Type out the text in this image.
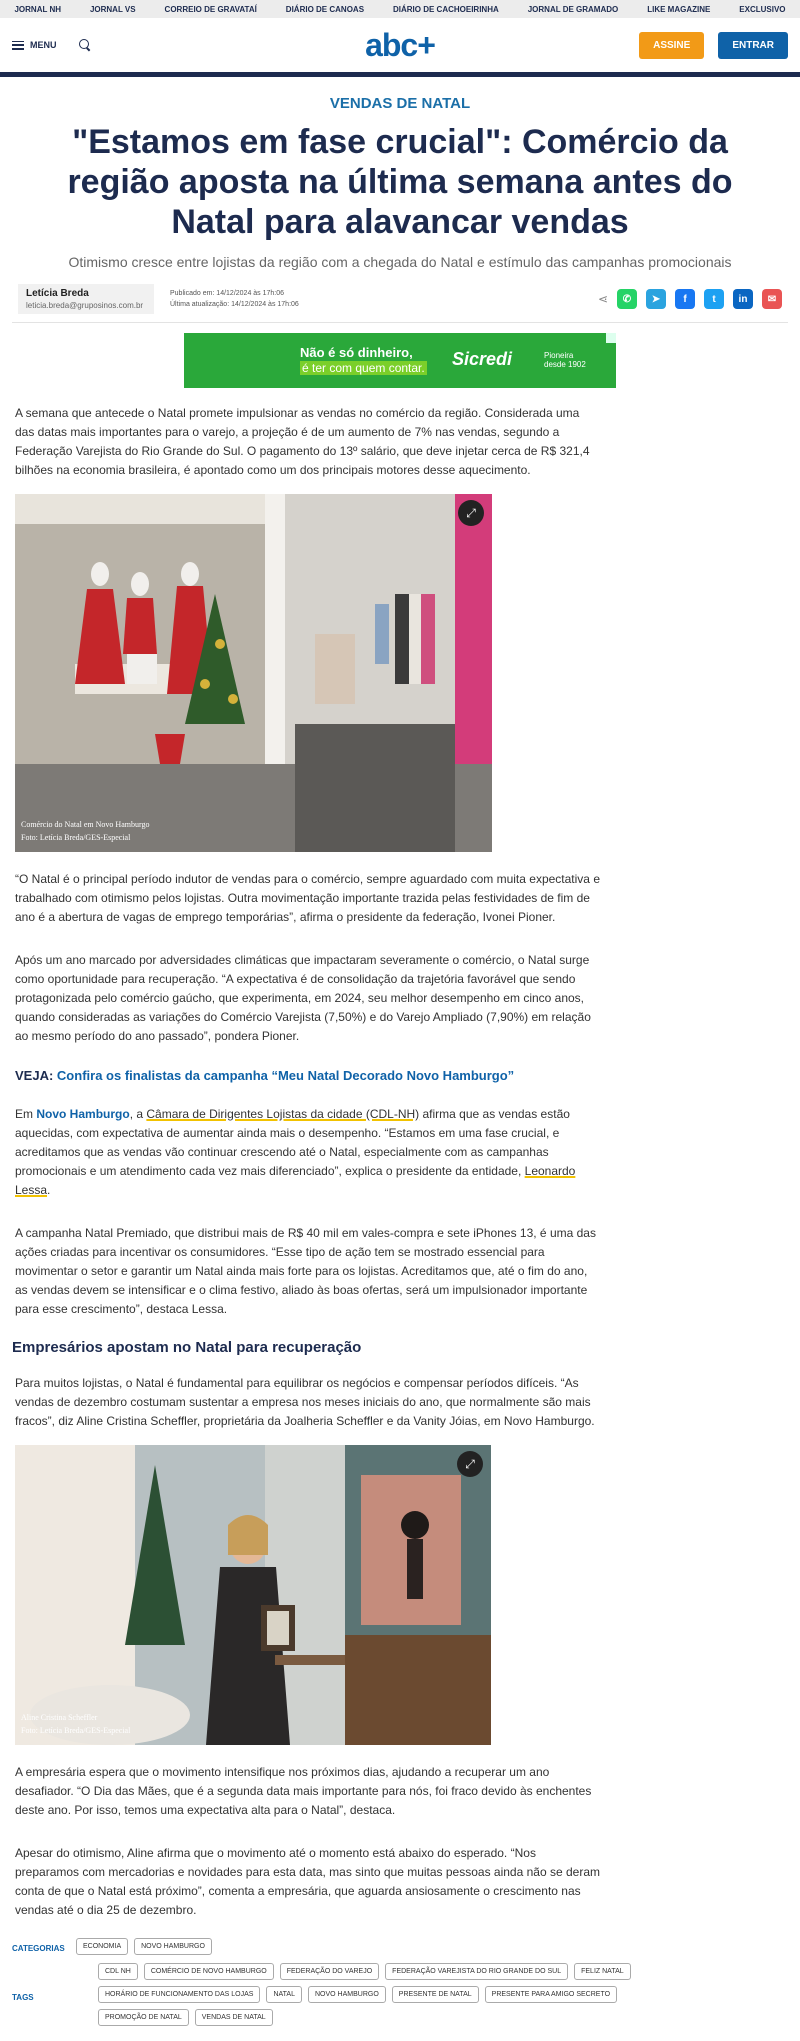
JORNAL NH	JORNAL VS	CORREIO DE GRAVATAÍ	DIÁRIO DE CANOAS	DIÁRIO DE CACHOEIRINHA	JORNAL DE GRAMADO	LIKE MAGAZINE	EXCLUSIVO
MENU	abc+	ASSINE	ENTRAR
VENDAS DE NATAL
"Estamos em fase crucial": Comércio da região aposta na última semana antes do Natal para alavancar vendas
Otimismo cresce entre lojistas da região com a chegada do Natal e estímulo das campanhas promocionais
Letícia Breda
leticia.breda@gruposinos.com.br
Publicado em: 14/12/2024 às 17h:06
Última atualização: 14/12/2024 às 17h:06	⋖	✆	➤	f	t	in	✉
Não é só dinheiro,
é ter com quem contar. Sicredi	Pioneira
desde 1902

A semana que antecede o Natal promete impulsionar as vendas no comércio da região. Considerada uma das datas mais importantes para o varejo, a projeção é de um aumento de 7% nas vendas, segundo a Federação Varejista do Rio Grande do Sul. O pagamento do 13º salário, que deve injetar cerca de R$ 321,4 bilhões na economia brasileira, é apontado como um dos principais motores desse aquecimento.

⤢
Comércio do Natal em Novo Hamburgo
Foto: Letícia Breda/GES-Especial

“O Natal é o principal período indutor de vendas para o comércio, sempre aguardado com muita expectativa e trabalhado com otimismo pelos lojistas. Outra movimentação importante trazida pelas festividades de fim de ano é a abertura de vagas de emprego temporárias”, afirma o presidente da federação, Ivonei Pioner.

Após um ano marcado por adversidades climáticas que impactaram severamente o comércio, o Natal surge como oportunidade para recuperação. “A expectativa é de consolidação da trajetória favorável que sendo protagonizada pelo comércio gaúcho, que experimenta, em 2024, seu melhor desempenho em cinco anos, quando consideradas as variações do Comércio Varejista (7,50%) e do Varejo Ampliado (7,90%) em relação ao mesmo período do ano passado”, pondera Pioner.

VEJA: Confira os finalistas da campanha “Meu Natal Decorado Novo Hamburgo”

Em Novo Hamburgo, a Câmara de Dirigentes Lojistas da cidade (CDL-NH) afirma que as vendas estão aquecidas, com expectativa de aumentar ainda mais o desempenho. “Estamos em uma fase crucial, e acreditamos que as vendas vão continuar crescendo até o Natal, especialmente com as campanhas promocionais e um atendimento cada vez mais diferenciado”, explica o presidente da entidade, Leonardo Lessa.

A campanha Natal Premiado, que distribui mais de R$ 40 mil em vales-compra e sete iPhones 13, é uma das ações criadas para incentivar os consumidores. “Esse tipo de ação tem se mostrado essencial para movimentar o setor e garantir um Natal ainda mais forte para os lojistas. Acreditamos que, até o fim do ano, as vendas devem se intensificar e o clima festivo, aliado às boas ofertas, será um impulsionador importante para esse crescimento”, destaca Lessa.

Empresários apostam no Natal para recuperação

Para muitos lojistas, o Natal é fundamental para equilibrar os negócios e compensar períodos difíceis. “As vendas de dezembro costumam sustentar a empresa nos meses iniciais do ano, que normalmente são mais fracos”, diz Aline Cristina Scheffler, proprietária da Joalheria Scheffler e da Vanity Jóias, em Novo Hamburgo.

⤢
Aline Cristina Scheffler
Foto: Letícia Breda/GES-Especial

A empresária espera que o movimento intensifique nos próximos dias, ajudando a recuperar um ano desafiador. “O Dia das Mães, que é a segunda data mais importante para nós, foi fraco devido às enchentes deste ano. Por isso, temos uma expectativa alta para o Natal”, destaca.

Apesar do otimismo, Aline afirma que o movimento até o momento está abaixo do esperado. “Nos preparamos com mercadorias e novidades para esta data, mas sinto que muitas pessoas ainda não se deram conta de que o Natal está próximo”, comenta a empresária, que aguarda ansiosamente o crescimento nas vendas até o dia 25 de dezembro.

CATEGORIAS	ECONOMIA	NOVO HAMBURGO
TAGS
CDL NH	COMÉRCIO DE NOVO HAMBURGO	FEDERAÇÃO DO VAREJO	FEDERAÇÃO VAREJISTA DO RIO GRANDE DO SUL	FELIZ NATAL
HORÁRIO DE FUNCIONAMENTO DAS LOJAS	NATAL	NOVO HAMBURGO	PRESENTE DE NATAL	PRESENTE PARA AMIGO SECRETO
PROMOÇÃO DE NATAL	VENDAS DE NATAL
